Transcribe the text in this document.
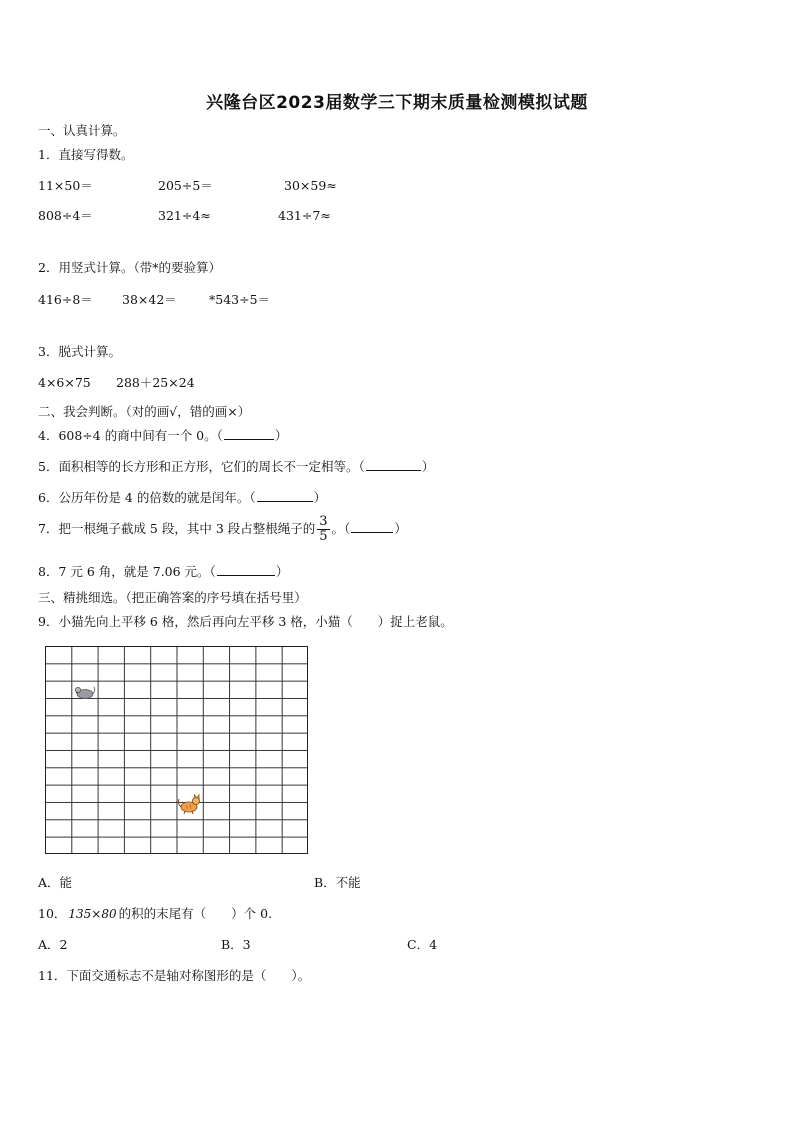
兴隆台区2023届数学三下期末质量检测模拟试题
一、认真计算。
1．直接写得数。
11×50＝	205÷5＝	30×59≈
808÷4＝	321÷4≈	431÷7≈
2．用竖式计算。（带*的要验算）
416÷8＝ 38×42＝	*543÷5＝
3．脱式计算。
4×6×75 288＋25×24
二、我会判断。（对的画√，错的画×）
4．608÷4 的商中间有一个 0。（	）
5．面积相等的长方形和正方形，它们的周长不一定相等。（	）
6．公历年份是 4 的倍数的就是闰年。（	）
7．把一根绳子截成 5 段，其中 3 段占整根绳子的 $\frac{3}{5}$ 。（	）
8．7 元 6 角，就是 7.06 元。（	）
三、精挑细选。（把正确答案的序号填在括号里）
9．小猫先向上平移 6 格，然后再向左平移 3 格，小猫（　　）捉上老鼠。
A．能	B．不能
10． 135×80 的积的末尾有（　　）个 0.
A．2	B．3	C．4
11．下面交通标志不是轴对称图形的是（　　）。
